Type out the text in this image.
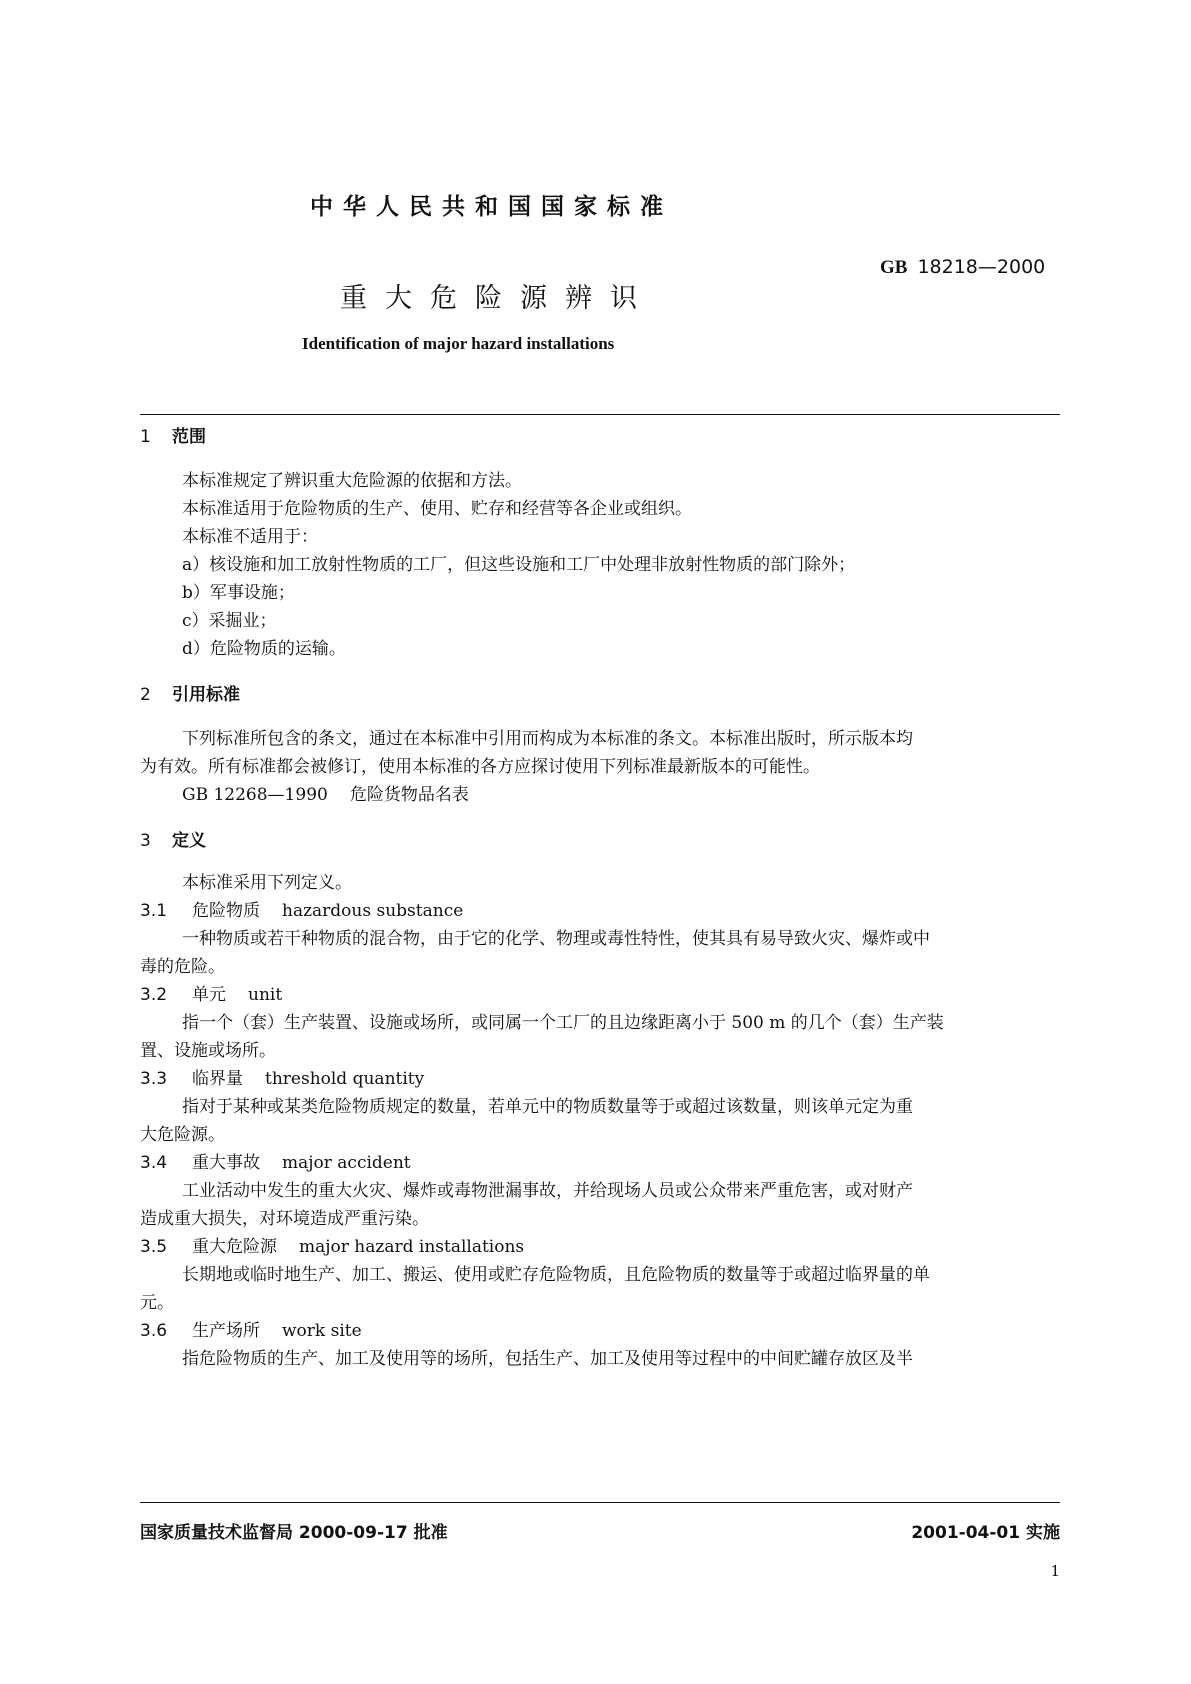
中华人民共和国国家标准
GB 18218—2000
重大危险源辨识
Identification of major hazard installations
1 范围
本标准规定了辨识重大危险源的依据和方法。
本标准适用于危险物质的生产、使用、贮存和经营等各企业或组织。
本标准不适用于：
a）核设施和加工放射性物质的工厂，但这些设施和工厂中处理非放射性物质的部门除外；
b）军事设施；
c）采掘业；
d）危险物质的运输。
2 引用标准
下列标准所包含的条文，通过在本标准中引用而构成为本标准的条文。本标准出版时，所示版本均
为有效。所有标准都会被修订，使用本标准的各方应探讨使用下列标准最新版本的可能性。
GB 12268—1990 危险货物品名表
3 定义
本标准采用下列定义。
3.1 危险物质 hazardous substance
一种物质或若干种物质的混合物，由于它的化学、物理或毒性特性，使其具有易导致火灾、爆炸或中
毒的危险。
3.2 单元 unit
指一个（套）生产装置、设施或场所，或同属一个工厂的且边缘距离小于 500 m 的几个（套）生产装
置、设施或场所。
3.3 临界量 threshold quantity
指对于某种或某类危险物质规定的数量，若单元中的物质数量等于或超过该数量，则该单元定为重
大危险源。
3.4 重大事故 major accident
工业活动中发生的重大火灾、爆炸或毒物泄漏事故，并给现场人员或公众带来严重危害，或对财产
造成重大损失，对环境造成严重污染。
3.5 重大危险源 major hazard installations
长期地或临时地生产、加工、搬运、使用或贮存危险物质，且危险物质的数量等于或超过临界量的单
元。
3.6 生产场所 work site
指危险物质的生产、加工及使用等的场所，包括生产、加工及使用等过程中的中间贮罐存放区及半
国家质量技术监督局 2000-09-17 批准	2001-04-01 实施
1
